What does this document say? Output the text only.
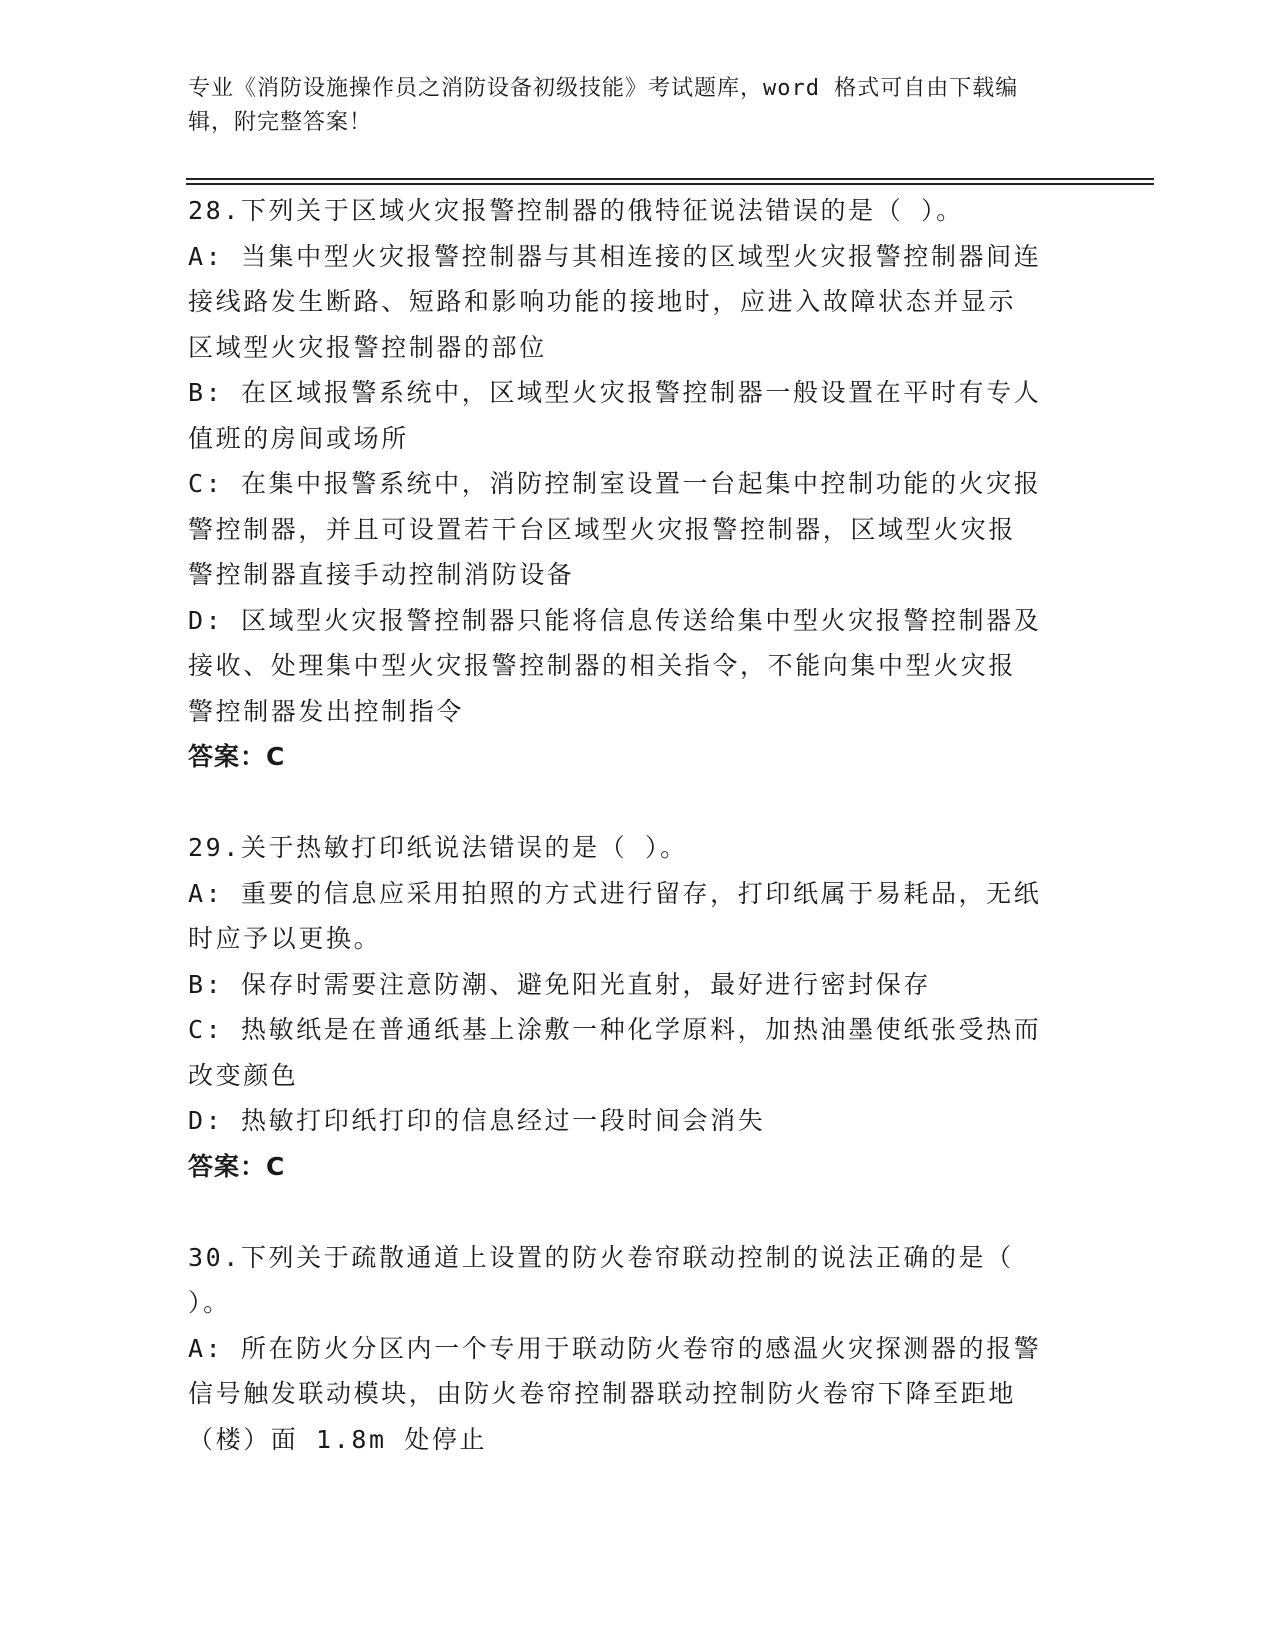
专业《消防设施操作员之消防设备初级技能》考试题库，word 格式可自由下载编
辑，附完整答案！

28.下列关于区域火灾报警控制器的俄特征说法错误的是（ ）。

A: 当集中型火灾报警控制器与其相连接的区域型火灾报警控制器间连

接线路发生断路、短路和影响功能的接地时，应进入故障状态并显示

区域型火灾报警控制器的部位

B: 在区域报警系统中，区域型火灾报警控制器一般设置在平时有专人

值班的房间或场所

C: 在集中报警系统中，消防控制室设置一台起集中控制功能的火灾报

警控制器，并且可设置若干台区域型火灾报警控制器，区域型火灾报

警控制器直接手动控制消防设备

D: 区域型火灾报警控制器只能将信息传送给集中型火灾报警控制器及

接收、处理集中型火灾报警控制器的相关指令，不能向集中型火灾报

警控制器发出控制指令

答案：C

29.关于热敏打印纸说法错误的是（ ）。

A: 重要的信息应采用拍照的方式进行留存，打印纸属于易耗品，无纸

时应予以更换。

B: 保存时需要注意防潮、避免阳光直射，最好进行密封保存

C: 热敏纸是在普通纸基上涂敷一种化学原料，加热油墨使纸张受热而

改变颜色

D: 热敏打印纸打印的信息经过一段时间会消失

答案：C

30.下列关于疏散通道上设置的防火卷帘联动控制的说法正确的是（

）。

A: 所在防火分区内一个专用于联动防火卷帘的感温火灾探测器的报警

信号触发联动模块，由防火卷帘控制器联动控制防火卷帘下降至距地

（楼）面 1.8m 处停止
